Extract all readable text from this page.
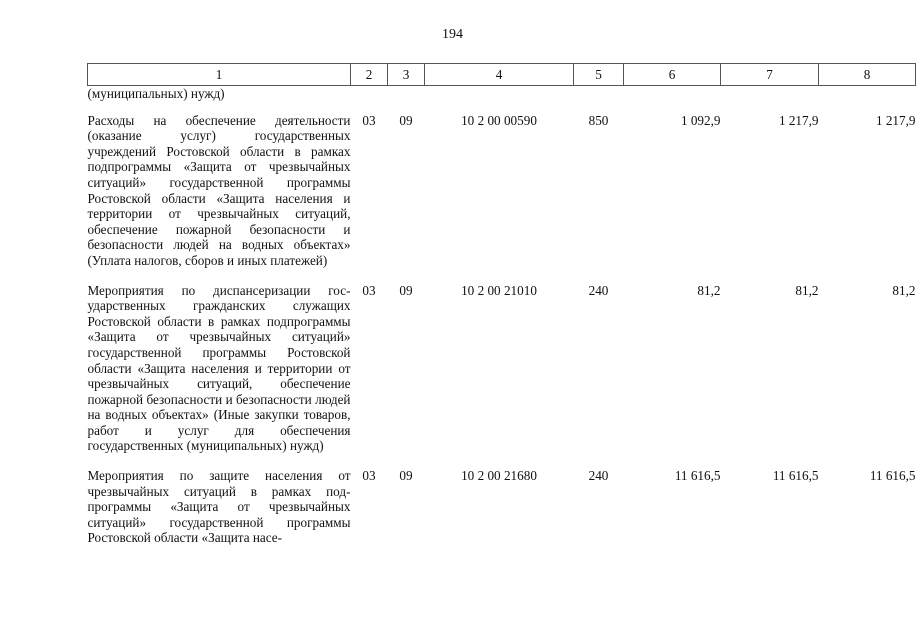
194
1	2	3	4	5	6	7	8
(муниципальных) нужд)							
Расходы на обеспечение деятельности (оказание услуг) государственных учреждений Ростовской области в рамках подпрограммы «Защита от чрезвычайных ситуаций» государственной программы Ростовской области «Защита населения и территории от чрезвычайных ситуаций, обеспечение пожарной безопасности и безопасности людей на водных объектах» (Уплата налогов, сборов и иных платежей)	03	09	10 2 00 00590	850	1 092,9	1 217,9	1 217,9
Мероприятия по диспансеризации государственных гражданских служащих Ростовской области в рамках подпрограммы «Защита от чрезвычайных ситуаций» государственной программы Ростовской области «Защита населения и территории от чрезвычайных ситуаций, обеспечение пожарной безопасности и безопасности людей на водных объектах» (Иные закупки товаров, работ и услуг для обеспечения государственных (муниципальных) нужд)	03	09	10 2 00 21010	240	81,2	81,2	81,2
Мероприятия по защите населения от чрезвычайных ситуаций в рамках подпрограммы «Защита от чрезвычайных ситуаций» государственной программы Ростовской области «Защита насе-	03	09	10 2 00 21680	240	11 616,5	11 616,5	11 616,5
